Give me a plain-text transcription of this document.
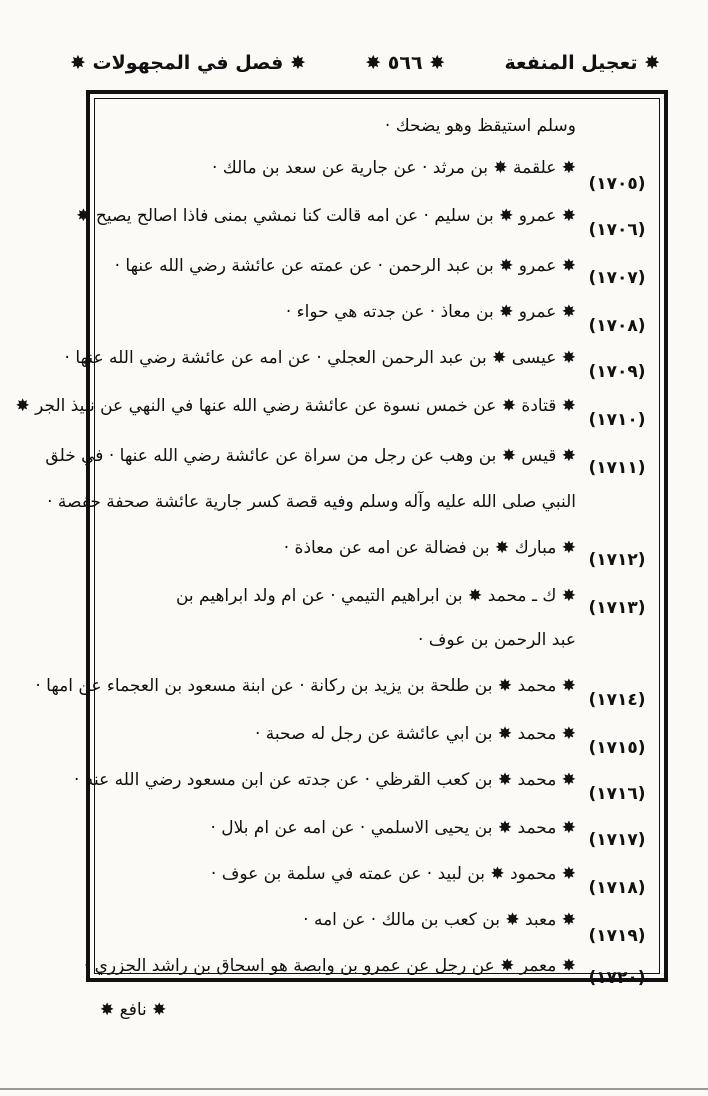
✸ تعجيل المنفعة
✸ ٥٦٦ ✸
✸ فصل في المجهولات ✸
وسلم استيقظ وهو يضحك ·
(١٧٠٥)
✸ علقمة ✸ بن مرثد · عن جارية عن سعد بن مالك ·
(١٧٠٦)
✸ عمرو ✸ بن سليم · عن امه قالت كنا نمشي بمنى فاذا اصالح يصيح ✸
(١٧٠٧)
✸ عمرو ✸ بن عبد الرحمن · عن عمته عن عائشة رضي الله عنها ·
(١٧٠٨)
✸ عمرو ✸ بن معاذ · عن جدته هي حواء ·
(١٧٠٩)
✸ عيسى ✸ بن عبد الرحمن العجلي · عن امه عن عائشة رضي الله عنها ·
(١٧١٠)
✸ قتادة ✸ عن خمس نسوة عن عائشة رضي الله عنها في النهي عن نبيذ الجر ✸
(١٧١١)
✸ قيس ✸ بن وهب عن رجل من سراة عن عائشة رضي الله عنها · في خلق
النبي صلى الله عليه وآله وسلم وفيه قصة كسر جارية عائشة صحفة حفصة ·
(١٧١٢)
✸ مبارك ✸ بن فضالة عن امه عن معاذة ·
(١٧١٣)
✸ ك ـ محمد ✸ بن ابراهيم التيمي · عن ام ولد ابراهيم بن
عبد الرحمن بن عوف ·
(١٧١٤)
✸ محمد ✸ بن طلحة بن يزيد بن ركانة · عن ابنة مسعود بن العجماء عن امها ·
(١٧١٥)
✸ محمد ✸ بن ابي عائشة عن رجل له صحبة ·
(١٧١٦)
✸ محمد ✸ بن كعب القرظي · عن جدته عن ابن مسعود رضي الله عنه ·
(١٧١٧)
✸ محمد ✸ بن يحيى الاسلمي · عن امه عن ام بلال ·
(١٧١٨)
✸ محمود ✸ بن لبيد · عن عمته في سلمة بن عوف ·
(١٧١٩)
✸ معبد ✸ بن كعب بن مالك · عن امه ·
(١٧٢٠)
✸ معمر ✸ عن رجل عن عمرو بن وابصة هو اسحاق بن راشد الجزري ·
✸ نافع ✸
